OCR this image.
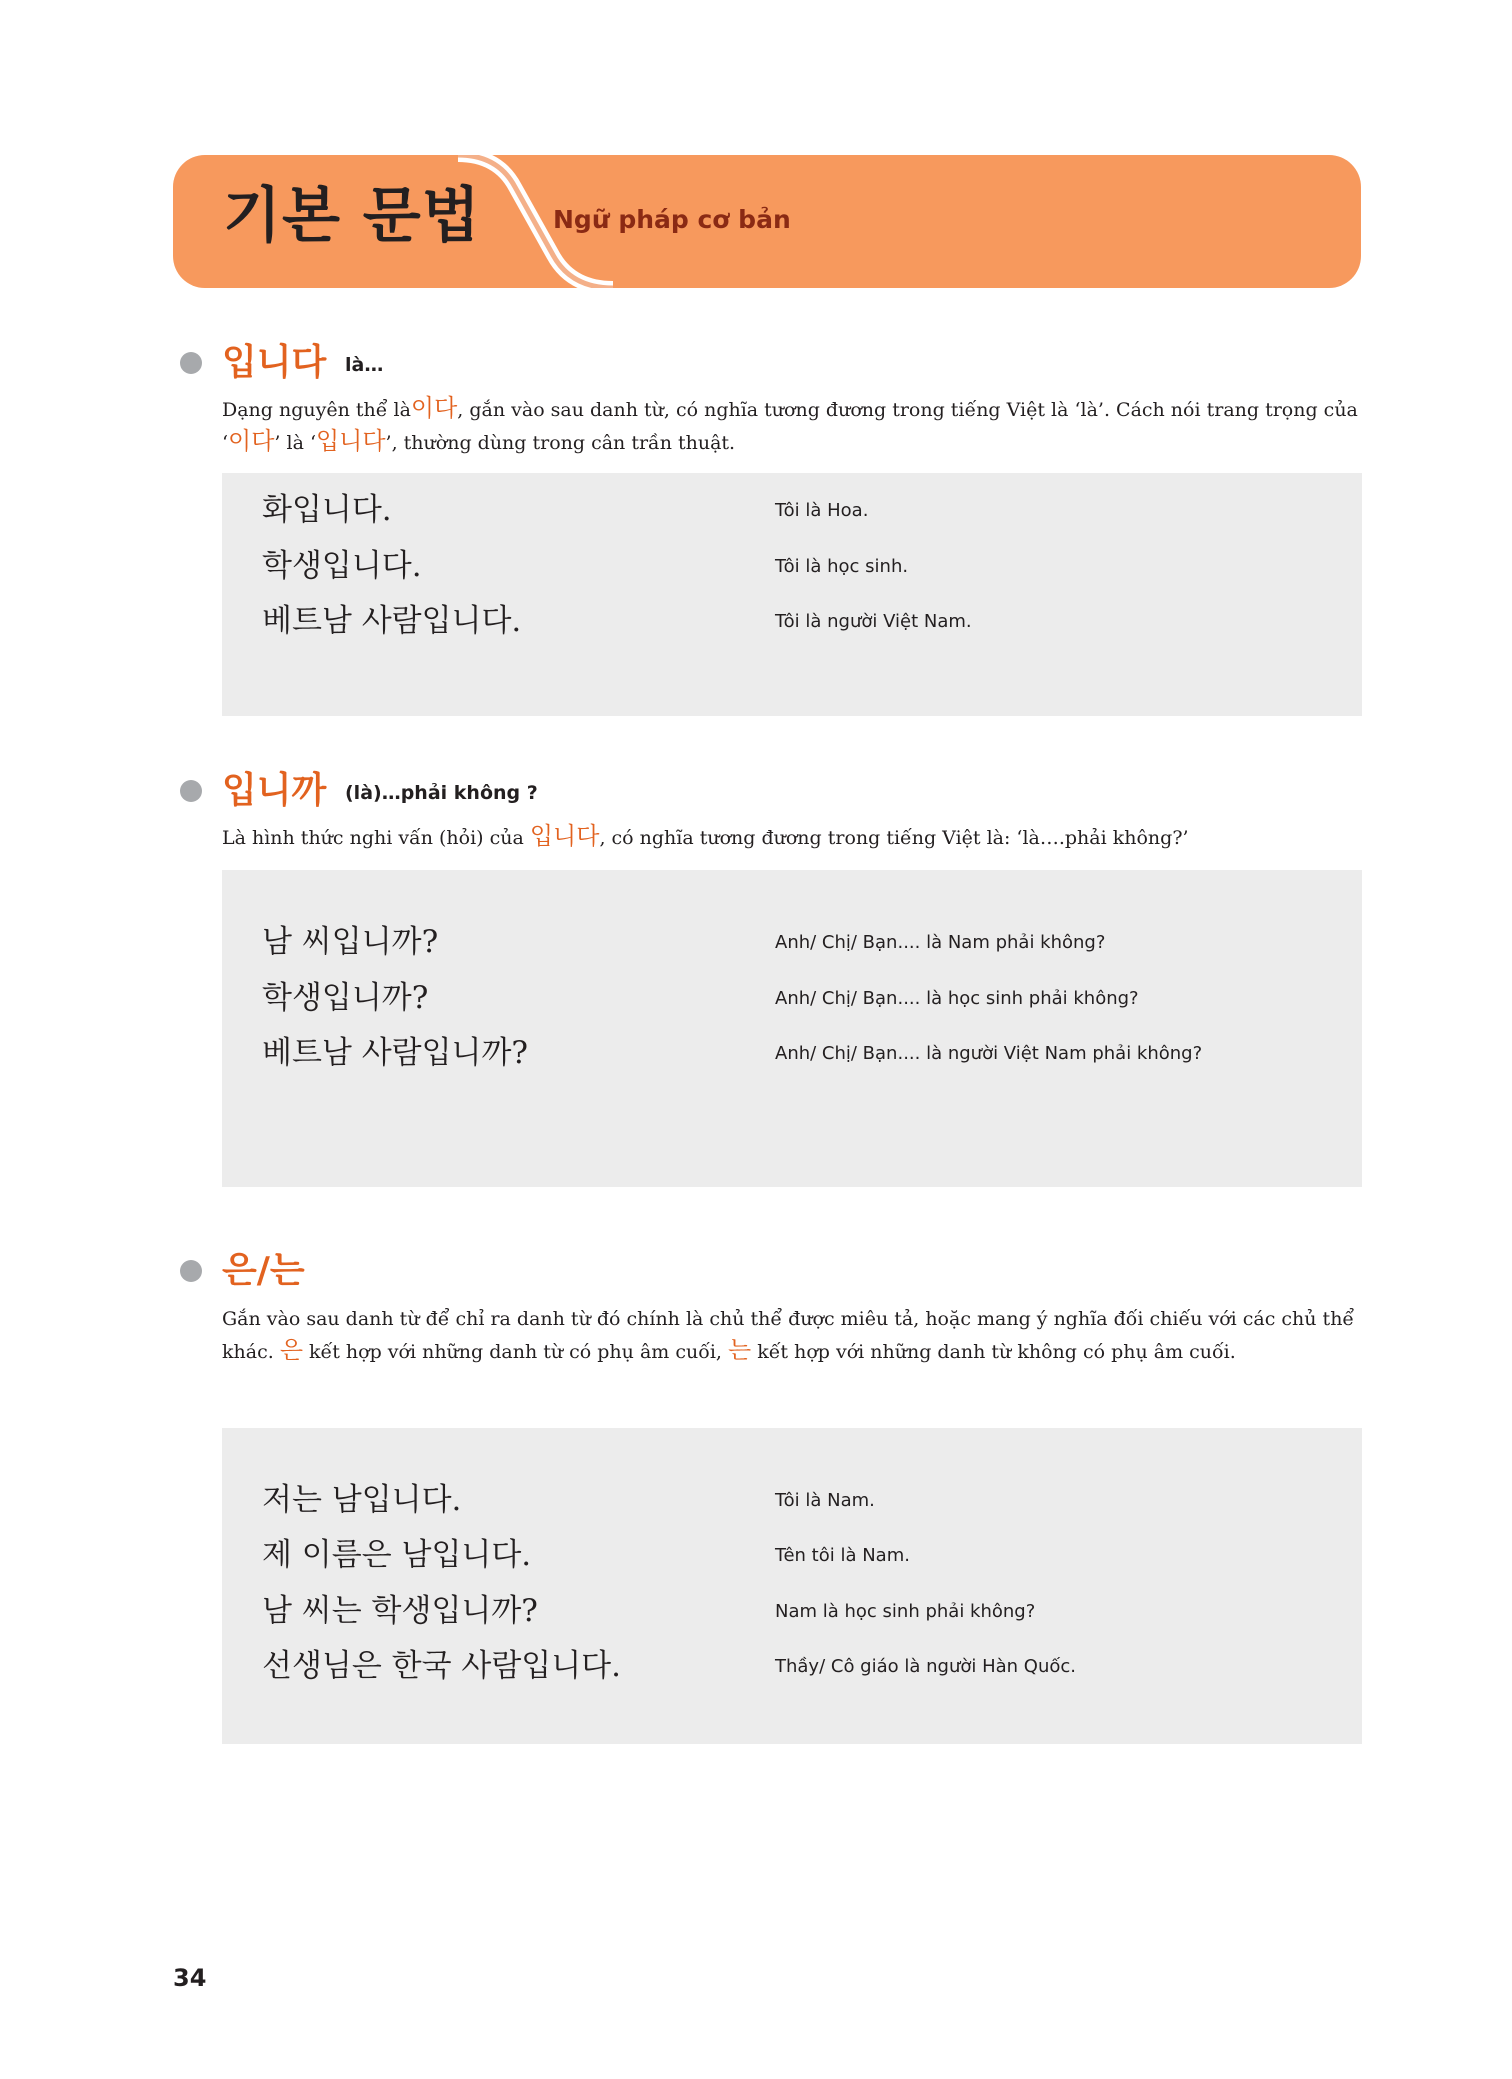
기본 문법	Ngữ pháp cơ bản
입니다 là…
Dạng nguyên thể là이다, gắn vào sau danh từ, có nghĩa tương đương trong tiếng Việt là ‘là’. Cách nói trang trọng của ‘이다’ là ‘입니다’, thường dùng trong cân trần thuật.
화입니다.	Tôi là Hoa.
학생입니다.	Tôi là học sinh.
베트남 사람입니다.	Tôi là người Việt Nam.
입니까 (là)…phải không ?
Là hình thức nghi vấn (hỏi) của 입니다, có nghĩa tương đương trong tiếng Việt là: ‘là….phải không?’
남 씨입니까?	Anh/ Chị/ Bạn.... là Nam phải không?
학생입니까?	Anh/ Chị/ Bạn.... là học sinh phải không?
베트남 사람입니까?	Anh/ Chị/ Bạn.... là người Việt Nam phải không?
은/는
Gắn vào sau danh từ để chỉ ra danh từ đó chính là chủ thể được miêu tả, hoặc mang ý nghĩa đối chiếu với các chủ thể khác. 은 kết hợp với những danh từ có phụ âm cuối, 는 kết hợp với những danh từ không có phụ âm cuối.
저는 남입니다.	Tôi là Nam.
제 이름은 남입니다.	Tên tôi là Nam.
남 씨는 학생입니까?	Nam là học sinh phải không?
선생님은 한국 사람입니다.	Thầy/ Cô giáo là người Hàn Quốc.
34
